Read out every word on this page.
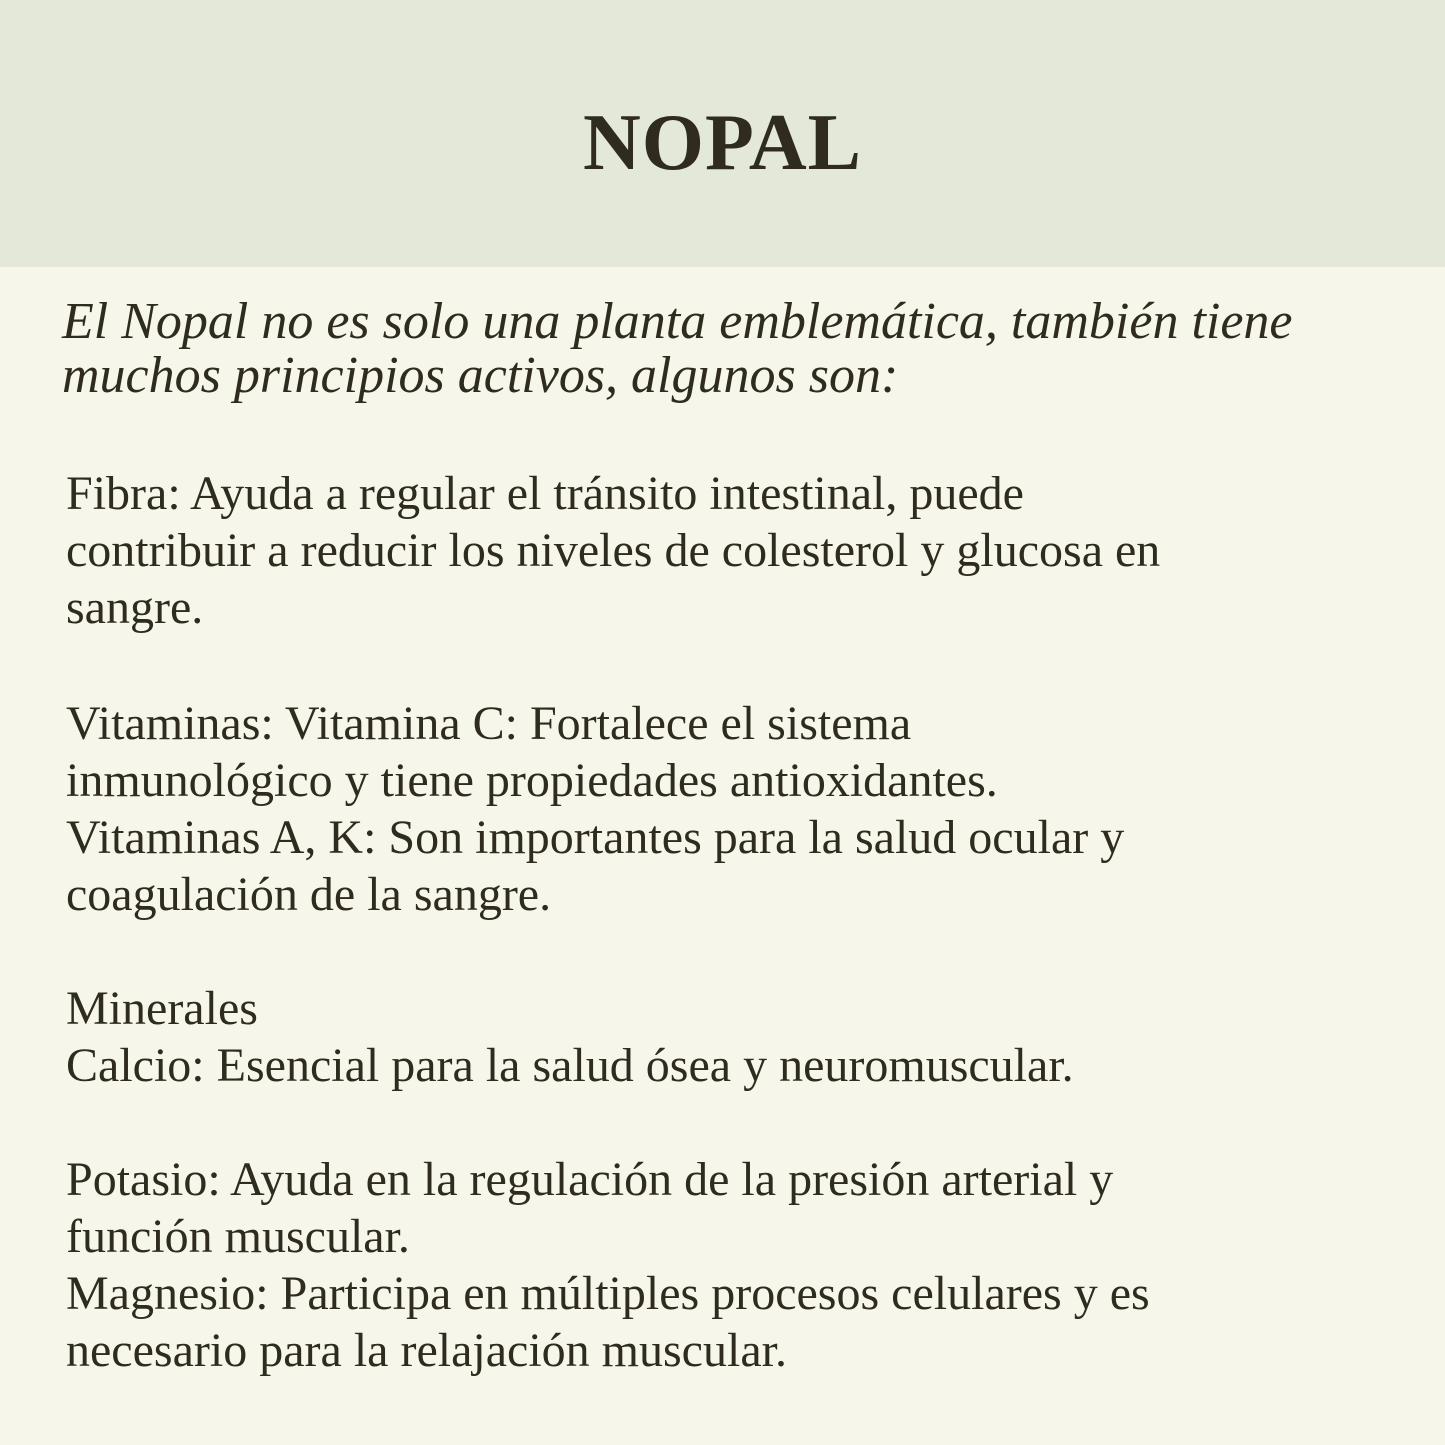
NOPAL

El Nopal no es solo una planta emblemática, también tiene muchos principios activos, algunos son:

Fibra: Ayuda a regular el tránsito intestinal, puede
contribuir a reducir los niveles de colesterol y glucosa en
sangre.

Vitaminas: Vitamina C: Fortalece el sistema
inmunológico y tiene propiedades antioxidantes.
Vitaminas A, K: Son importantes para la salud ocular y
coagulación de la sangre.

Minerales
Calcio: Esencial para la salud ósea y neuromuscular.

Potasio: Ayuda en la regulación de la presión arterial y
función muscular.
Magnesio: Participa en múltiples procesos celulares y es
necesario para la relajación muscular.
